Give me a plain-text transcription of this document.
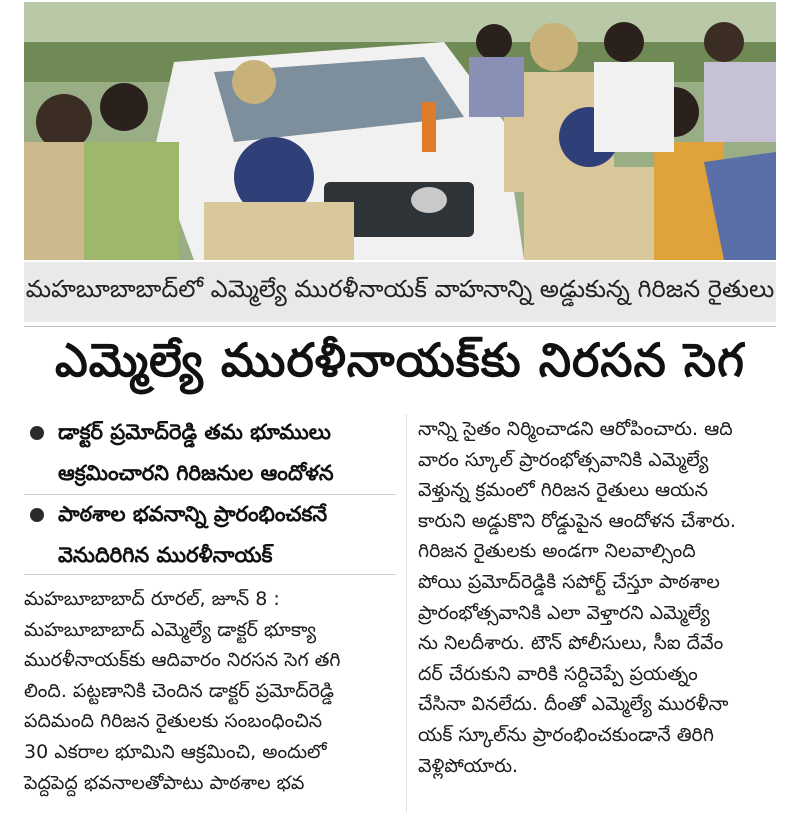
మహబూబాబాద్‌లో ఎమ్మెల్యే మురళీనాయక్ వాహనాన్ని అడ్డుకున్న గిరిజన రైతులు
ఎమ్మెల్యే మురళీనాయక్‌కు నిరసన సెగ
డాక్టర్ ప్రమోద్‌రెడ్డి తమ భూములు
ఆక్రమించారని గిరిజనుల ఆందోళన
పాఠశాల భవనాన్ని ప్రారంభించకనే
వెనుదిరిగిన మురళీనాయక్
మహబూబాబాద్ రూరల్, జూన్ 8 :
మహబూబాబాద్ ఎమ్మెల్యే డాక్టర్ భూక్యా
మురళీనాయక్‌కు ఆదివారం నిరసన సెగ తగి
లింది. పట్టణానికి చెందిన డాక్టర్ ప్రమోద్‌రెడ్డి
పదిమంది గిరిజన రైతులకు సంబంధించిన
30 ఎకరాల భూమిని ఆక్రమించి, అందులో
పెద్దపెద్ద భవనాలతోపాటు పాఠశాల భవ
నాన్ని సైతం నిర్మించాడని ఆరోపించారు. ఆది
వారం స్కూల్ ప్రారంభోత్సవానికి ఎమ్మెల్యే
వెళ్తున్న క్రమంలో గిరిజన రైతులు ఆయన
కారుని అడ్డుకొని రోడ్డుపైన ఆందోళన చేశారు.
గిరిజన రైతులకు అండగా నిలవాల్సింది
పోయి ప్రమోద్‌రెడ్డికి సపోర్ట్ చేస్తూ పాఠశాల
ప్రారంభోత్సవానికి ఎలా వెళ్తారని ఎమ్మెల్యే
ను నిలదీశారు. టౌన్ పోలీసులు, సీఐ దేవేం
దర్ చేరుకుని వారికి సర్దిచెప్పే ప్రయత్నం
చేసినా వినలేదు. దీంతో ఎమ్మెల్యే మురళీనా
యక్ స్కూల్‌ను ప్రారంభించకుండానే తిరిగి
వెళ్లిపోయారు.
